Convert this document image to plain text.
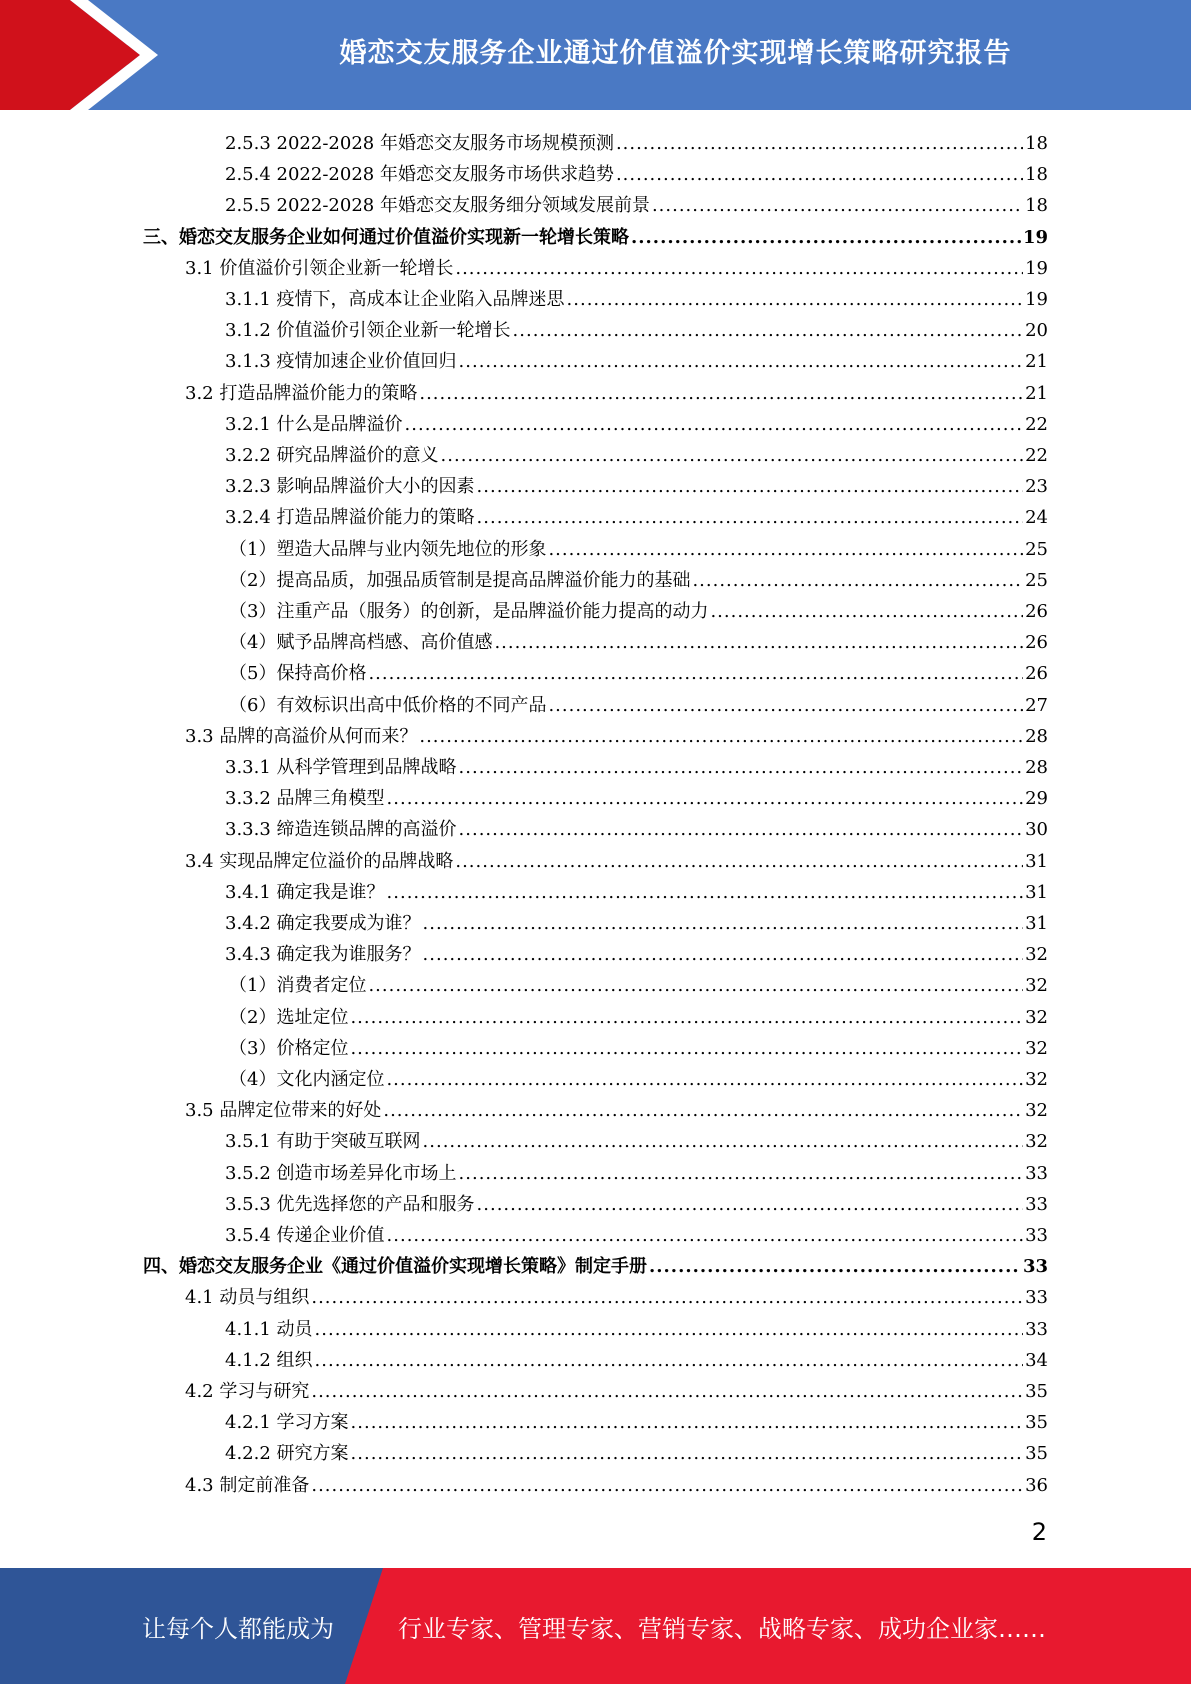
婚恋交友服务企业通过价值溢价实现增长策略研究报告
2.5.3 2022-2028 年婚恋交友服务市场规模预测 .....	18
2.5.4 2022-2028 年婚恋交友服务市场供求趋势 .....	18
2.5.5 2022-2028 年婚恋交友服务细分领域发展前景 .....	18
三、婚恋交友服务企业如何通过价值溢价实现新一轮增长策略 .....	19
3.1 价值溢价引领企业新一轮增长 .....	19
3.1.1 疫情下，高成本让企业陷入品牌迷思 .....	19
3.1.2 价值溢价引领企业新一轮增长 .....	20
3.1.3 疫情加速企业价值回归 .....	21
3.2 打造品牌溢价能力的策略 .....	21
3.2.1 什么是品牌溢价 .....	22
3.2.2 研究品牌溢价的意义 .....	22
3.2.3 影响品牌溢价大小的因素 .....	23
3.2.4 打造品牌溢价能力的策略 .....	24
（1）塑造大品牌与业内领先地位的形象 .....	25
（2）提高品质，加强品质管制是提高品牌溢价能力的基础 .....	25
（3）注重产品（服务）的创新，是品牌溢价能力提高的动力 .....	26
（4）赋予品牌高档感、高价值感 .....	26
（5）保持高价格 .....	26
（6）有效标识出高中低价格的不同产品 .....	27
3.3 品牌的高溢价从何而来？ .....	28
3.3.1 从科学管理到品牌战略 .....	28
3.3.2 品牌三角模型 .....	29
3.3.3 缔造连锁品牌的高溢价 .....	30
3.4 实现品牌定位溢价的品牌战略 .....	31
3.4.1 确定我是谁？ .....	31
3.4.2 确定我要成为谁？ .....	31
3.4.3 确定我为谁服务？ .....	32
（1）消费者定位 .....	32
（2）选址定位 .....	32
（3）价格定位 .....	32
（4）文化内涵定位 .....	32
3.5 品牌定位带来的好处 .....	32
3.5.1 有助于突破互联网 .....	32
3.5.2 创造市场差异化市场上 .....	33
3.5.3 优先选择您的产品和服务 .....	33
3.5.4 传递企业价值 .....	33
四、婚恋交友服务企业《通过价值溢价实现增长策略》制定手册 .....	33
4.1 动员与组织 .....	33
4.1.1 动员 .....	33
4.1.2 组织 .....	34
4.2 学习与研究 .....	35
4.2.1 学习方案 .....	35
4.2.2 研究方案 .....	35
4.3 制定前准备 .....	36
2
让每个人都能成为	行业专家、管理专家、营销专家、战略专家、成功企业家……
